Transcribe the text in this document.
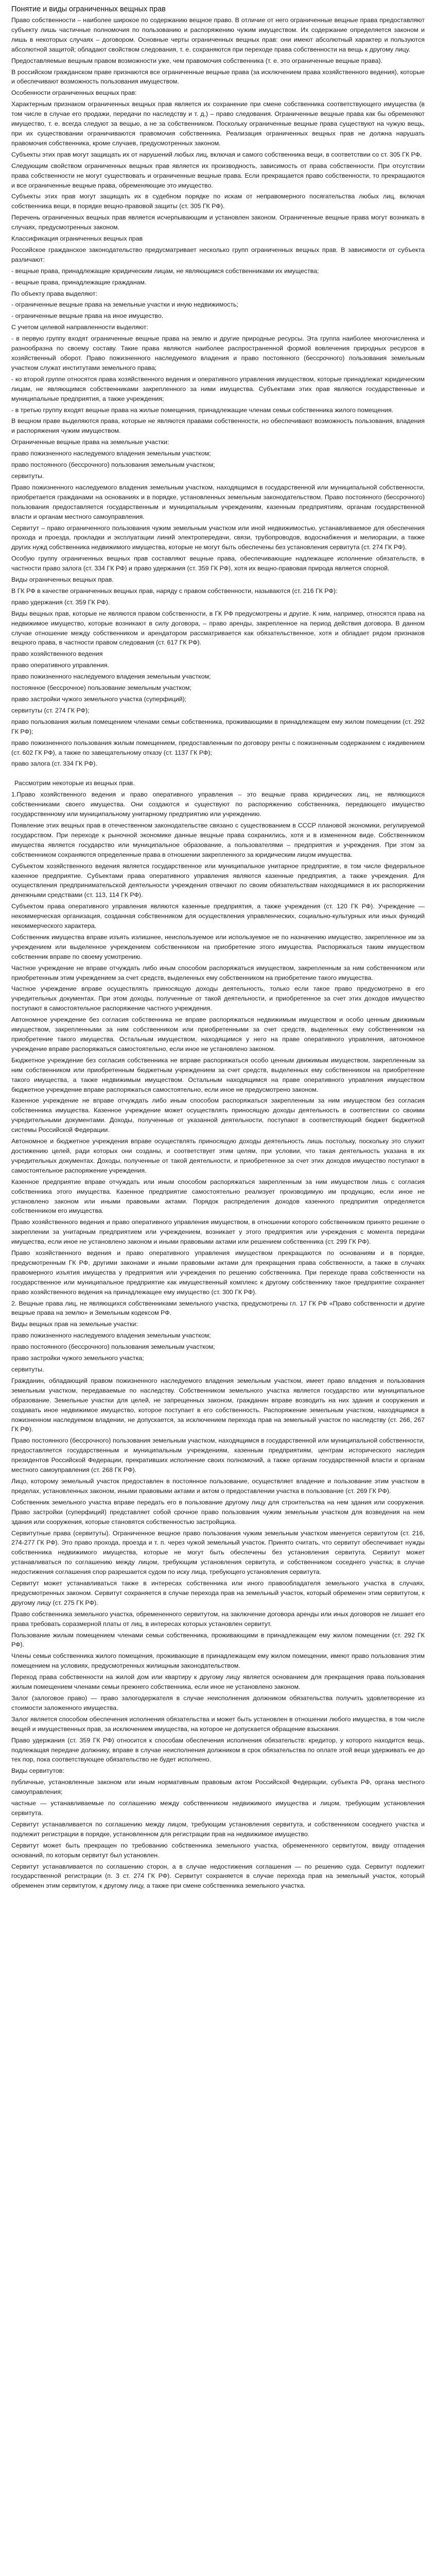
Понятие и виды ограниченных вещных прав

Право собственности – наиболее широкое по содержанию вещное право. В отличие от него ограниченные вещные права предоставляют субъекту лишь частичные полномочия по пользованию и распоряжению чужим имуществом. Их содержание определяется законом и лишь в некоторых случаях – договором. Основные черты ограниченных вещных прав: они имеют абсолютный характер и пользуются абсолютной защитой; обладают свойством следования, т. е. сохраняются при переходе права собственности на вещь к другому лицу.

Предоставляемые вещным правом возможности уже, чем правомочия собственника (т. е. это ограниченные вещные права).

В российском гражданском праве признаются все ограниченные вещные права (за исключением права хозяйственного ведения), которые и обеспечивают возможность пользования имуществом.

Особенности ограниченных вещных прав:

Характерным признаком ограниченных вещных прав является их сохранение при смене собственника соответствующего имущества (в том числе в случае его продажи, передачи по наследству и т. д.) – право следования. Ограниченные вещные права как бы обременяют имущество, т. е. всегда следуют за вещью, а не за собственником. Поскольку ограниченные вещные права существуют на чужую вещь, при их существовании ограничиваются правомочия собственника. Реализация ограниченных вещных прав не должна нарушать правомочия собственника, кроме случаев, предусмотренных законом.

Субъекты этих прав могут защищать их от нарушений любых лиц, включая и самого собственника вещи, в соответствии со ст. 305 ГК РФ.

Следующим свойством ограниченных вещных прав является их производность, зависимость от права собственности. При отсутствии права собственности не могут существовать и ограниченные вещные права. Если прекращается право собственности, то прекращаются и все ограниченные вещные права, обременяющие это имущество.

Субъекты этих прав могут защищать их в судебном порядке по искам от неправомерного посягательства любых лиц, включая собственника вещи, в порядке вещно-правовой защиты (ст. 305 ГК РФ).

Перечень ограниченных вещных прав является исчерпывающим и установлен законом. Ограниченные вещные права могут возникать в случаях, предусмотренных законом.

Классификация ограниченных вещных прав

Российское гражданское законодательство предусматривает несколько групп ограниченных вещных прав. В зависимости от субъекта различают:

- вещные права, принадлежащие юридическим лицам, не являющимся собственниками их имущества;

- вещные права, принадлежащие гражданам.

По объекту права выделяют:

- ограниченные вещные права на земельные участки и иную недвижимость;

- ограниченные вещные права на иное имущество.

С учетом целевой направленности выделяют:

- в первую группу входят ограниченные вещные права на землю и другие природные ресурсы. Эта группа наиболее многочисленна и разнообразна по своему составу. Такие права являются наиболее распространенной формой вовлечения природных ресурсов в хозяйственный оборот. Право пожизненного наследуемого владения и право постоянного (бессрочного) пользования земельным участком служат институтами земельного права;

- ко второй группе относятся права хозяйственного ведения и оперативного управления имуществом, которые принадлежат юридическим лицам, не являющимся собственниками закрепленного за ними имущества. Субъектами этих прав являются государственные и муниципальные предприятия, а также учреждения;

- в третью группу входят вещные права на жилые помещения, принадлежащие членам семьи собственника жилого помещения.

В вещном праве выделяются права, которые не являются правами собственности, но обеспечивают возможность пользования, владения и распоряжения чужим имуществом.

Ограниченные вещные права на земельные участки:

право пожизненного наследуемого владения земельным участком;

право постоянного (бессрочного) пользования земельным участком;

сервитуты.

Право пожизненного наследуемого владения земельным участком, находящимся в государственной или муниципальной собственности, приобретается гражданами на основаниях и в порядке, установленных земельным законодательством. Право постоянного (бессрочного) пользования предоставляется государственным и муниципальным учреждениям, казенным предприятиям, органам государственной власти и органам местного самоуправления.

Сервитут – право ограниченного пользования чужим земельным участком или иной недвижимостью, устанавливаемое для обеспечения прохода и проезда, прокладки и эксплуатации линий электропередачи, связи, трубопроводов, водоснабжения и мелиорации, а также других нужд собственника недвижимого имущества, которые не могут быть обеспечены без установления сервитута (ст. 274 ГК РФ).

Особую группу ограниченных вещных прав составляют вещные права, обеспечивающие надлежащее исполнение обязательств, в частности право залога (ст. 334 ГК РФ) и право удержания (ст. 359 ГК РФ), хотя их вещно-правовая природа является спорной.

Виды ограниченных вещных прав.

В ГК РФ в качестве ограниченных вещных прав, наряду с правом собственности, называются (ст. 216 ГК РФ):

право удержания (ст. 359 ГК РФ).

Виды вещных прав, которые не являются правом собственности, в ГК РФ предусмотрены и другие. К ним, например, относятся права на недвижимое имущество, которые возникают в силу договора, – право аренды, закрепленное на период действия договора. В данном случае отношение между собственником и арендатором рассматривается как обязательственное, хотя и обладает рядом признаков вещного права, в частности правом следования (ст. 617 ГК РФ).

право хозяйственного ведения

право оперативного управления.

право пожизненного наследуемого владения земельным участком;

постоянное (бессрочное) пользование земельным участком;

право застройки чужого земельного участка (суперфиций);

сервитуты (ст. 274 ГК РФ);

право пользования жилым помещением членами семьи собственника, проживающими в принадлежащем ему жилом помещении (ст. 292 ГК РФ);

право пожизненного пользования жилым помещением, предоставленным по договору ренты с пожизненным содержанием с иждивением (ст. 602 ГК РФ), а также по завещательному отказу (ст. 1137 ГК РФ);

право залога (ст. 334 ГК РФ).

Рассмотрим некоторые из вещных прав.

1.Право хозяйственного ведения и право оперативного управления – это вещные права юридических лиц, не являющихся собственниками своего имущества. Они создаются и существуют по распоряжению собственника, передающего имущество государственному или муниципальному унитарному предприятию или учреждению.

Появление этих вещных прав в отечественном законодательстве связано с существованием в СССР плановой экономики, регулируемой государством. При переходе к рыночной экономике данные вещные права сохранились, хотя и в измененном виде. Собственником имущества является государство или муниципальное образование, а пользователями – предприятия и учреждения. При этом за собственником сохраняются определенные права в отношении закрепленного за юридическим лицом имущества.

Субъектом хозяйственного ведения является государственное или муниципальное унитарное предприятие, в том числе федеральное казенное предприятие. Субъектами права оперативного управления являются казенные предприятия, а также учреждения. Для осуществления предпринимательской деятельности учреждения отвечают по своим обязательствам находящимися в их распоряжении денежными средствами (ст. 113, 114 ГК РФ).

Субъектом права оперативного управления являются казенные предприятия, а также учреждения (ст. 120 ГК РФ). Учреждение — некоммерческая организация, созданная собственником для осуществления управленческих, социально-культурных или иных функций некоммерческого характера.

Собственник имущества вправе изъять излишнее, неиспользуемое или используемое не по назначению имущество, закрепленное им за учреждением или выделенное учреждением собственником на приобретение этого имущества. Распоряжаться таким имуществом собственник вправе по своему усмотрению.

Частное учреждение не вправе отчуждать либо иным способом распоряжаться имуществом, закрепленным за ним собственником или приобретенным этим учреждением за счет средств, выделенных ему собственником на приобретение такого имущества.

Частное учреждение вправе осуществлять приносящую доходы деятельность, только если такое право предусмотрено в его учредительных документах. При этом доходы, полученные от такой деятельности, и приобретенное за счет этих доходов имущество поступают в самостоятельное распоряжение частного учреждения.

Автономное учреждение без согласия собственника не вправе распоряжаться недвижимым имуществом и особо ценным движимым имуществом, закрепленными за ним собственником или приобретенными за счет средств, выделенных ему собственником на приобретение такого имущества. Остальным имуществом, находящимся у него на праве оперативного управления, автономное учреждение вправе распоряжаться самостоятельно, если иное не установлено законом.

Бюджетное учреждение без согласия собственника не вправе распоряжаться особо ценным движимым имуществом, закрепленным за ним собственником или приобретенным бюджетным учреждением за счет средств, выделенных ему собственником на приобретение такого имущества, а также недвижимым имуществом. Остальным находящимся на праве оперативного управления имуществом бюджетное учреждение вправе распоряжаться самостоятельно, если иное не предусмотрено законом.

Казенное учреждение не вправе отчуждать либо иным способом распоряжаться закрепленным за ним имуществом без согласия собственника имущества. Казенное учреждение может осуществлять приносящую доходы деятельность в соответствии со своими учредительными документами. Доходы, полученные от указанной деятельности, поступают в соответствующий бюджет бюджетной системы Российской Федерации.

Автономное и бюджетное учреждения вправе осуществлять приносящую доходы деятельность лишь постольку, поскольку это служит достижению целей, ради которых они созданы, и соответствует этим целям, при условии, что такая деятельность указана в их учредительных документах. Доходы, полученные от такой деятельности, и приобретенное за счет этих доходов имущество поступают в самостоятельное распоряжение учреждения.

Казенное предприятие вправе отчуждать или иным способом распоряжаться закрепленным за ним имуществом лишь с согласия собственника этого имущества. Казенное предприятие самостоятельно реализует производимую им продукцию, если иное не установлено законом или иными правовыми актами. Порядок распределения доходов казенного предприятия определяется собственником его имущества.

Право хозяйственного ведения и право оперативного управления имуществом, в отношении которого собственником принято решение о закреплении за унитарным предприятием или учреждением, возникает у этого предприятия или учреждения с момента передачи имущества, если иное не установлено законом и иными правовыми актами или решением собственника (ст. 299 ГК РФ).

Право хозяйственного ведения и право оперативного управления имуществом прекращаются по основаниям и в порядке, предусмотренным ГК РФ, другими законами и иными правовыми актами для прекращения права собственности, а также в случаях правомерного изъятия имущества у предприятия или учреждения по решению собственника. При переходе права собственности на государственное или муниципальное предприятие как имущественный комплекс к другому собственнику такое предприятие сохраняет право хозяйственного ведения на принадлежащее ему имущество (ст. 300 ГК РФ).

2. Вещные права лиц, не являющихся собственниками земельного участка, предусмотрены гл. 17 ГК РФ «Право собственности и другие вещные права на землю» и Земельным кодексом РФ.

Виды вещных прав на земельные участки:

право пожизненного наследуемого владения земельным участком;

право постоянного (бессрочного) пользования земельным участком;

право застройки чужого земельного участка;

сервитуты.

Гражданин, обладающий правом пожизненного наследуемого владения земельным участком, имеет право владения и пользования земельным участком, передаваемые по наследству. Собственником земельного участка является государство или муниципальное образование. Земельные участки для целей, не запрещенных законом, гражданин вправе возводить на них здания и сооружения и создавать иное недвижимое имущество, которое поступает в его собственность. Распоряжение земельным участком, находящимся в пожизненном наследуемом владении, не допускается, за исключением перехода прав на земельный участок по наследству (ст. 266, 267 ГК РФ).

Право постоянного (бессрочного) пользования земельным участком, находящимся в государственной или муниципальной собственности, предоставляется государственным и муниципальным учреждениям, казенным предприятиям, центрам исторического наследия президентов Российской Федерации, прекративших исполнение своих полномочий, а также органам государственной власти и органам местного самоуправления (ст. 268 ГК РФ).

Лицо, которому земельный участок предоставлен в постоянное пользование, осуществляет владение и пользование этим участком в пределах, установленных законом, иными правовыми актами и актом о предоставлении участка в пользование (ст. 269 ГК РФ).

Собственник земельного участка вправе передать его в пользование другому лицу для строительства на нем здания или сооружения. Право застройки (суперфиций) представляет собой срочное право пользования чужим земельным участком для возведения на нем здания или сооружения, которые становятся собственностью застройщика.

Сервитутные права (сервитуты). Ограниченное вещное право пользования чужим земельным участком именуется сервитутом (ст. 216, 274-277 ГК РФ). Это право прохода, проезда и т. п. через чужой земельный участок. Принято считать, что сервитут обеспечивает нужды собственника недвижимого имущества, которые не могут быть обеспечены без установления сервитута. Сервитут может устанавливаться по соглашению между лицом, требующим установления сервитута, и собственником соседнего участка; в случае недостижения соглашения спор разрешается судом по иску лица, требующего установления сервитута.

Сервитут может устанавливаться также в интересах собственника или иного правообладателя земельного участка в случаях, предусмотренных законом. Сервитут сохраняется в случае перехода прав на земельный участок, который обременен этим сервитутом, к другому лицу (ст. 275 ГК РФ).

Право собственника земельного участка, обремененного сервитутом, на заключение договора аренды или иных договоров не лишает его права требовать соразмерной платы от лиц, в интересах которых установлен сервитут.

Пользование жилым помещением членами семьи собственника, проживающими в принадлежащем ему жилом помещении (ст. 292 ГК РФ).

Члены семьи собственника жилого помещения, проживающие в принадлежащем ему жилом помещении, имеют право пользования этим помещением на условиях, предусмотренных жилищным законодательством.

Переход права собственности на жилой дом или квартиру к другому лицу является основанием для прекращения права пользования жилым помещением членами семьи прежнего собственника, если иное не установлено законом.

Залог (залоговое право) — право залогодержателя в случае неисполнения должником обязательства получить удовлетворение из стоимости заложенного имущества.

Залог является способом обеспечения исполнения обязательства и может быть установлен в отношении любого имущества, в том числе вещей и имущественных прав, за исключением имущества, на которое не допускается обращение взыскания.

Право удержания (ст. 359 ГК РФ) относится к способам обеспечения исполнения обязательств: кредитор, у которого находится вещь, подлежащая передаче должнику, вправе в случае неисполнения должником в срок обязательства по оплате этой вещи удерживать ее до тех пор, пока соответствующее обязательство не будет исполнено.

Виды сервитутов:

публичные, установленные законом или иным нормативным правовым актом Российской Федерации, субъекта РФ, органа местного самоуправления;

частные — устанавливаемые по соглашению между собственником недвижимого имущества и лицом, требующим установления сервитута.

Сервитут устанавливается по соглашению между лицом, требующим установления сервитута, и собственником соседнего участка и подлежит регистрации в порядке, установленном для регистрации прав на недвижимое имущество.

Сервитут может быть прекращен по требованию собственника земельного участка, обремененного сервитутом, ввиду отпадения оснований, по которым сервитут был установлен.

Сервитут устанавливается по соглашению сторон, а в случае недостижения соглашения — по решению суда. Сервитут подлежит государственной регистрации (п. 3 ст. 274 ГК РФ). Сервитут сохраняется в случае перехода прав на земельный участок, который обременен этим сервитутом, к другому лицу, а также при смене собственника земельного участка.
